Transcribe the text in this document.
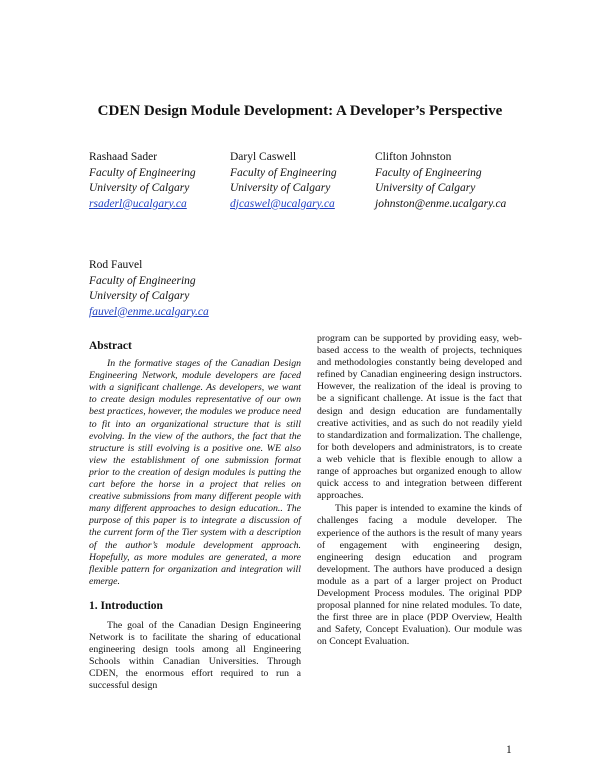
CDEN Design Module Development: A Developer’s Perspective
Rashaad Sader
Faculty of Engineering
University of Calgary
rsaderl@ucalgary.ca
Daryl Caswell
Faculty of Engineering
University of Calgary
djcaswel@ucalgary.ca
Clifton Johnston
Faculty of Engineering
University of Calgary
johnston@enme.ucalgary.ca
Rod Fauvel
Faculty of Engineering
University of Calgary
fauvel@enme.ucalgary.ca
Abstract

In the formative stages of the Canadian Design Engineering Network, module developers are faced with a significant challenge. As developers, we want to create design modules representative of our own best practices, however, the modules we produce need to fit into an organizational structure that is still evolving. In the view of the authors, the fact that the structure is still evolving is a positive one. WE also view the establishment of one submission format prior to the creation of design modules is putting the cart before the horse in a project that relies on creative submissions from many different people with many different approaches to design education.. The purpose of this paper is to integrate a discussion of the current form of the Tier system with a description of the author’s module development approach. Hopefully, as more modules are generated, a more flexible pattern for organization and integration will emerge.

1. Introduction

The goal of the Canadian Design Engineering Network is to facilitate the sharing of educational engineering design tools among all Engineering Schools within Canadian Universities. Through CDEN, the enormous effort required to run a successful design

program can be supported by providing easy, web-based access to the wealth of projects, techniques and methodologies constantly being developed and refined by Canadian engineering design instructors. However, the realization of the ideal is proving to be a significant challenge. At issue is the fact that design and design education are fundamentally creative activities, and as such do not readily yield to standardization and formalization. The challenge, for both developers and administrators, is to create a web vehicle that is flexible enough to allow a range of approaches but organized enough to allow quick access to and integration between different approaches.

This paper is intended to examine the kinds of challenges facing a module developer. The experience of the authors is the result of many years of engagement with engineering design, engineering design education and program development. The authors have produced a design module as a part of a larger project on Product Development Process modules. The original PDP proposal planned for nine related modules. To date, the first three are in place (PDP Overview, Health and Safety, Concept Evaluation). Our module was on Concept Evaluation.

1
